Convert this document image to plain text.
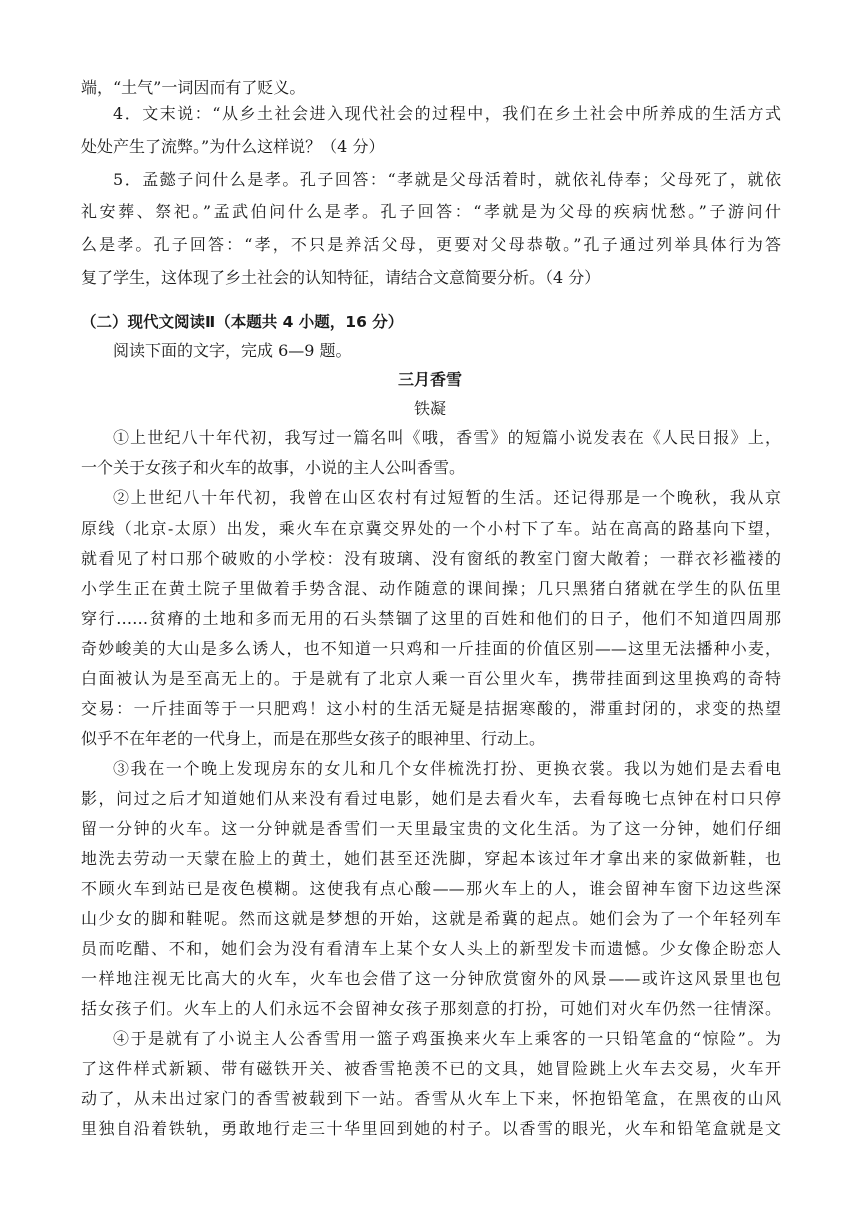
端，“土气”一词因而有了贬义。
4．文末说：“从乡土社会进入现代社会的过程中，我们在乡土社会中所养成的生活方式
处处产生了流弊。”为什么这样说？（4 分）
5．孟懿子问什么是孝。孔子回答：“孝就是父母活着时，就依礼侍奉；父母死了，就依
礼安葬、祭祀。”孟武伯问什么是孝。孔子回答：“孝就是为父母的疾病忧愁。”子游问什
么是孝。孔子回答：“孝，不只是养活父母，更要对父母恭敬。”孔子通过列举具体行为答
复了学生，这体现了乡土社会的认知特征，请结合文意简要分析。（4 分）
（二）现代文阅读Ⅱ（本题共 4 小题，16 分）
阅读下面的文字，完成 6—9 题。
三月香雪
铁凝
①上世纪八十年代初，我写过一篇名叫《哦，香雪》的短篇小说发表在《人民日报》上，
一个关于女孩子和火车的故事，小说的主人公叫香雪。
②上世纪八十年代初，我曾在山区农村有过短暂的生活。还记得那是一个晚秋，我从京
原线（北京-太原）出发，乘火车在京冀交界处的一个小村下了车。站在高高的路基向下望，
就看见了村口那个破败的小学校：没有玻璃、没有窗纸的教室门窗大敞着；一群衣衫褴褛的
小学生正在黄土院子里做着手势含混、动作随意的课间操；几只黑猪白猪就在学生的队伍里
穿行……贫瘠的土地和多而无用的石头禁锢了这里的百姓和他们的日子，他们不知道四周那
奇妙峻美的大山是多么诱人，也不知道一只鸡和一斤挂面的价值区别——这里无法播种小麦，
白面被认为是至高无上的。于是就有了北京人乘一百公里火车，携带挂面到这里换鸡的奇特
交易：一斤挂面等于一只肥鸡！这小村的生活无疑是拮据寒酸的，滞重封闭的，求变的热望
似乎不在年老的一代身上，而是在那些女孩子的眼神里、行动上。
③我在一个晚上发现房东的女儿和几个女伴梳洗打扮、更换衣裳。我以为她们是去看电
影，问过之后才知道她们从来没有看过电影，她们是去看火车，去看每晚七点钟在村口只停
留一分钟的火车。这一分钟就是香雪们一天里最宝贵的文化生活。为了这一分钟，她们仔细
地洗去劳动一天蒙在脸上的黄土，她们甚至还洗脚，穿起本该过年才拿出来的家做新鞋，也
不顾火车到站已是夜色模糊。这使我有点心酸——那火车上的人，谁会留神车窗下边这些深
山少女的脚和鞋呢。然而这就是梦想的开始，这就是希冀的起点。她们会为了一个年轻列车
员而吃醋、不和，她们会为没有看清车上某个女人头上的新型发卡而遗憾。少女像企盼恋人
一样地注视无比高大的火车，火车也会借了这一分钟欣赏窗外的风景——或许这风景里也包
括女孩子们。火车上的人们永远不会留神女孩子那刻意的打扮，可她们对火车仍然一往情深。
④于是就有了小说主人公香雪用一篮子鸡蛋换来火车上乘客的一只铅笔盒的“惊险”。为
了这件样式新颖、带有磁铁开关、被香雪艳羡不已的文具，她冒险跳上火车去交易，火车开
动了，从未出过家门的香雪被载到下一站。香雪从火车上下来，怀抱铅笔盒，在黑夜的山风
里独自沿着铁轨，勇敢地行走三十华里回到她的村子。以香雪的眼光，火车和铅笔盒就是文
